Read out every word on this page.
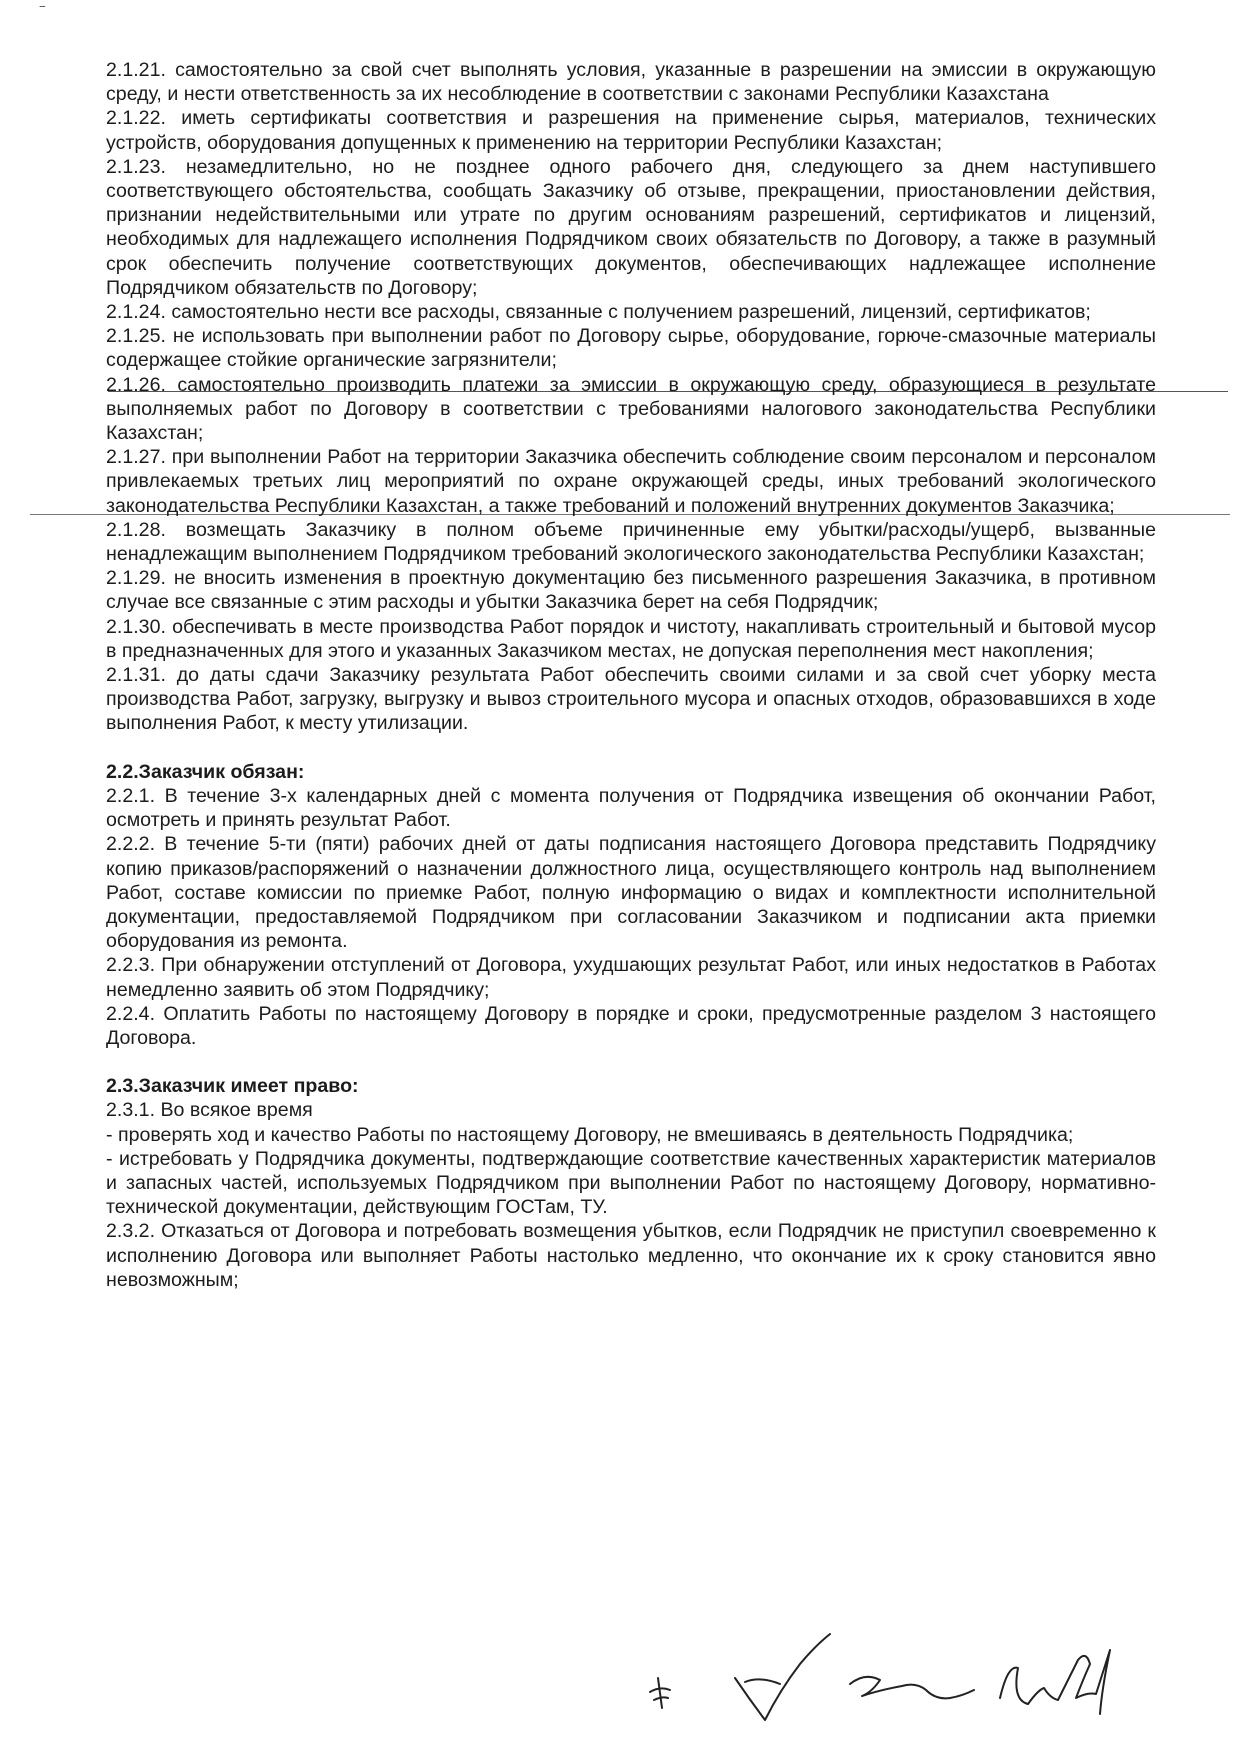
‾

2.1.21. самостоятельно за свой счет выполнять условия, указанные в разрешении на эмиссии в окружающую среду, и нести ответственность за их несоблюдение в соответствии с законами Республики Казахстана

2.1.22. иметь сертификаты соответствия и разрешения на применение сырья, материалов, технических устройств, оборудования допущенных к применению на территории Республики Казахстан;

2.1.23. незамедлительно, но не позднее одного рабочего дня, следующего за днем наступившего соответствующего обстоятельства, сообщать Заказчику об отзыве, прекращении, приостановлении действия, признании недействительными или утрате по другим основаниям разрешений, сертификатов и лицензий, необходимых для надлежащего исполнения Подрядчиком своих обязательств по Договору, а также в разумный срок обеспечить получение соответствующих документов, обеспечивающих надлежащее исполнение Подрядчиком обязательств по Договору;

2.1.24. самостоятельно нести все расходы, связанные с получением разрешений, лицензий, сертификатов;

2.1.25. не использовать при выполнении работ по Договору сырье, оборудование, горюче-смазочные материалы содержащее стойкие органические загрязнители;

2.1.26. самостоятельно производить платежи за эмиссии в окружающую среду, образующиеся в результате выполняемых работ по Договору в соответствии с требованиями налогового законодательства Республики Казахстан;

2.1.27. при выполнении Работ на территории Заказчика обеспечить соблюдение своим персоналом и персоналом привлекаемых третьих лиц мероприятий по охране окружающей среды, иных требований экологического законодательства Республики Казахстан, а также требований и положений внутренних документов Заказчика;

2.1.28. возмещать Заказчику в полном объеме причиненные ему убытки/расходы/ущерб, вызванные ненадлежащим выполнением Подрядчиком требований экологического законодательства Республики Казахстан;

2.1.29. не вносить изменения в проектную документацию без письменного разрешения Заказчика, в противном случае все связанные с этим расходы и убытки Заказчика берет на себя Подрядчик;

2.1.30. обеспечивать в месте производства Работ порядок и чистоту, накапливать строительный и бытовой мусор в предназначенных для этого и указанных Заказчиком местах, не допуская переполнения мест накопления;

2.1.31. до даты сдачи Заказчику результата Работ обеспечить своими силами и за свой счет уборку места производства Работ, загрузку, выгрузку и вывоз строительного мусора и опасных отходов, образовавшихся в ходе выполнения Работ, к месту утилизации.

2.2.Заказчик обязан:

2.2.1. В течение 3-х календарных дней с момента получения от Подрядчика извещения об окончании Работ, осмотреть и принять результат Работ.

2.2.2. В течение 5-ти (пяти) рабочих дней от даты подписания настоящего Договора представить Подрядчику копию приказов/распоряжений о назначении должностного лица, осуществляющего контроль над выполнением Работ, составе комиссии по приемке Работ, полную информацию о видах и комплектности исполнительной документации, предоставляемой Подрядчиком при согласовании Заказчиком и подписании акта приемки оборудования из ремонта.

2.2.3. При обнаружении отступлений от Договора, ухудшающих результат Работ, или иных недостатков в Работах немедленно заявить об этом Подрядчику;

2.2.4. Оплатить Работы по настоящему Договору в порядке и сроки, предусмотренные разделом 3 настоящего Договора.

2.3.Заказчик имеет право:

2.3.1. Во всякое время

- проверять ход и качество Работы по настоящему Договору, не вмешиваясь в деятельность Подрядчика;

- истребовать у Подрядчика документы, подтверждающие соответствие качественных характеристик материалов и запасных частей, используемых Подрядчиком при выполнении Работ по настоящему Договору, нормативно-технической документации, действующим ГОСТам, ТУ.

2.3.2. Отказаться от Договора и потребовать возмещения убытков, если Подрядчик не приступил своевременно к исполнению Договора или выполняет Работы настолько медленно, что окончание их к сроку становится явно невозможным;
